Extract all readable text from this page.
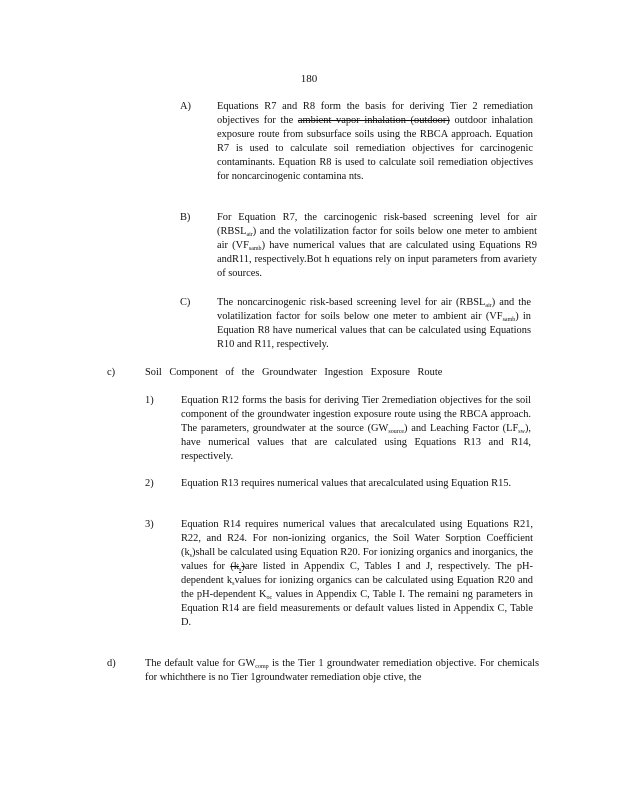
180
A)	Equations R7 and R8 form the basis for deriving Tier 2 remediation objectives for the ambient vapor inhalation (outdoor) outdoor inhalation exposure route from subsurface soils using the RBCA approach. Equation R7 is used to calculate soil remediation objectives for carcinogenic contaminants. Equation R8 is used to calculate soil remediation objectives for noncarcinogenic contamina nts.
B)	For Equation R7, the carcinogenic risk-based screening level for air $(RBSL_{air})$ and the volatilization factor for soils below one meter to ambient air $(VF_{samb})$ have numerical values that are calculated using Equations R9 andR11, respectively.Bot h equations rely on input parameters from avariety of sources.
C)	The noncarcinogenic risk-based screening level for air $(RBSL_{air})$ and the volatilization factor for soils below one meter to ambient air $(VF_{samb})$ in Equation R8 have numerical values that can be calculated using Equations R10 and R11, respectively.
c)	Soil Component of the Groundwater Ingestion Exposure Route
1)	Equation R12 forms the basis for deriving Tier 2remediation objectives for the soil component of the groundwater ingestion exposure route using the RBCA approach. The parameters, groundwater at the source $(GW_{source})$ and Leaching Factor $(LF_{sw})$, have numerical values that are calculated using Equations R13 and R14, respectively.
2)	Equation R13 requires numerical values that arecalculated using Equation R15.
3)	Equation R14 requires numerical values that arecalculated using Equations R21, R22, and R24. For non-ionizing organics, the Soil Water Sorption Coefficient $(k_s)shall$ be calculated using Equation R20. For ionizing organics and inorganics, the values for $(k_s)are$ listed in Appendix C, Tables I and J, respectively. The pH-dependent $k_svalues$ for ionizing organics can be calculated using Equation R20 and the pH-dependent $K_{oc}$ values in Appendix C, Table I. The remaini ng parameters in Equation R14 are field measurements or default values listed in Appendix C, Table D.
d)	The default value for $GW_{comp}$ is the Tier 1 groundwater remediation objective. For chemicals for whichthere is no Tier 1groundwater remediation obje ctive, the
